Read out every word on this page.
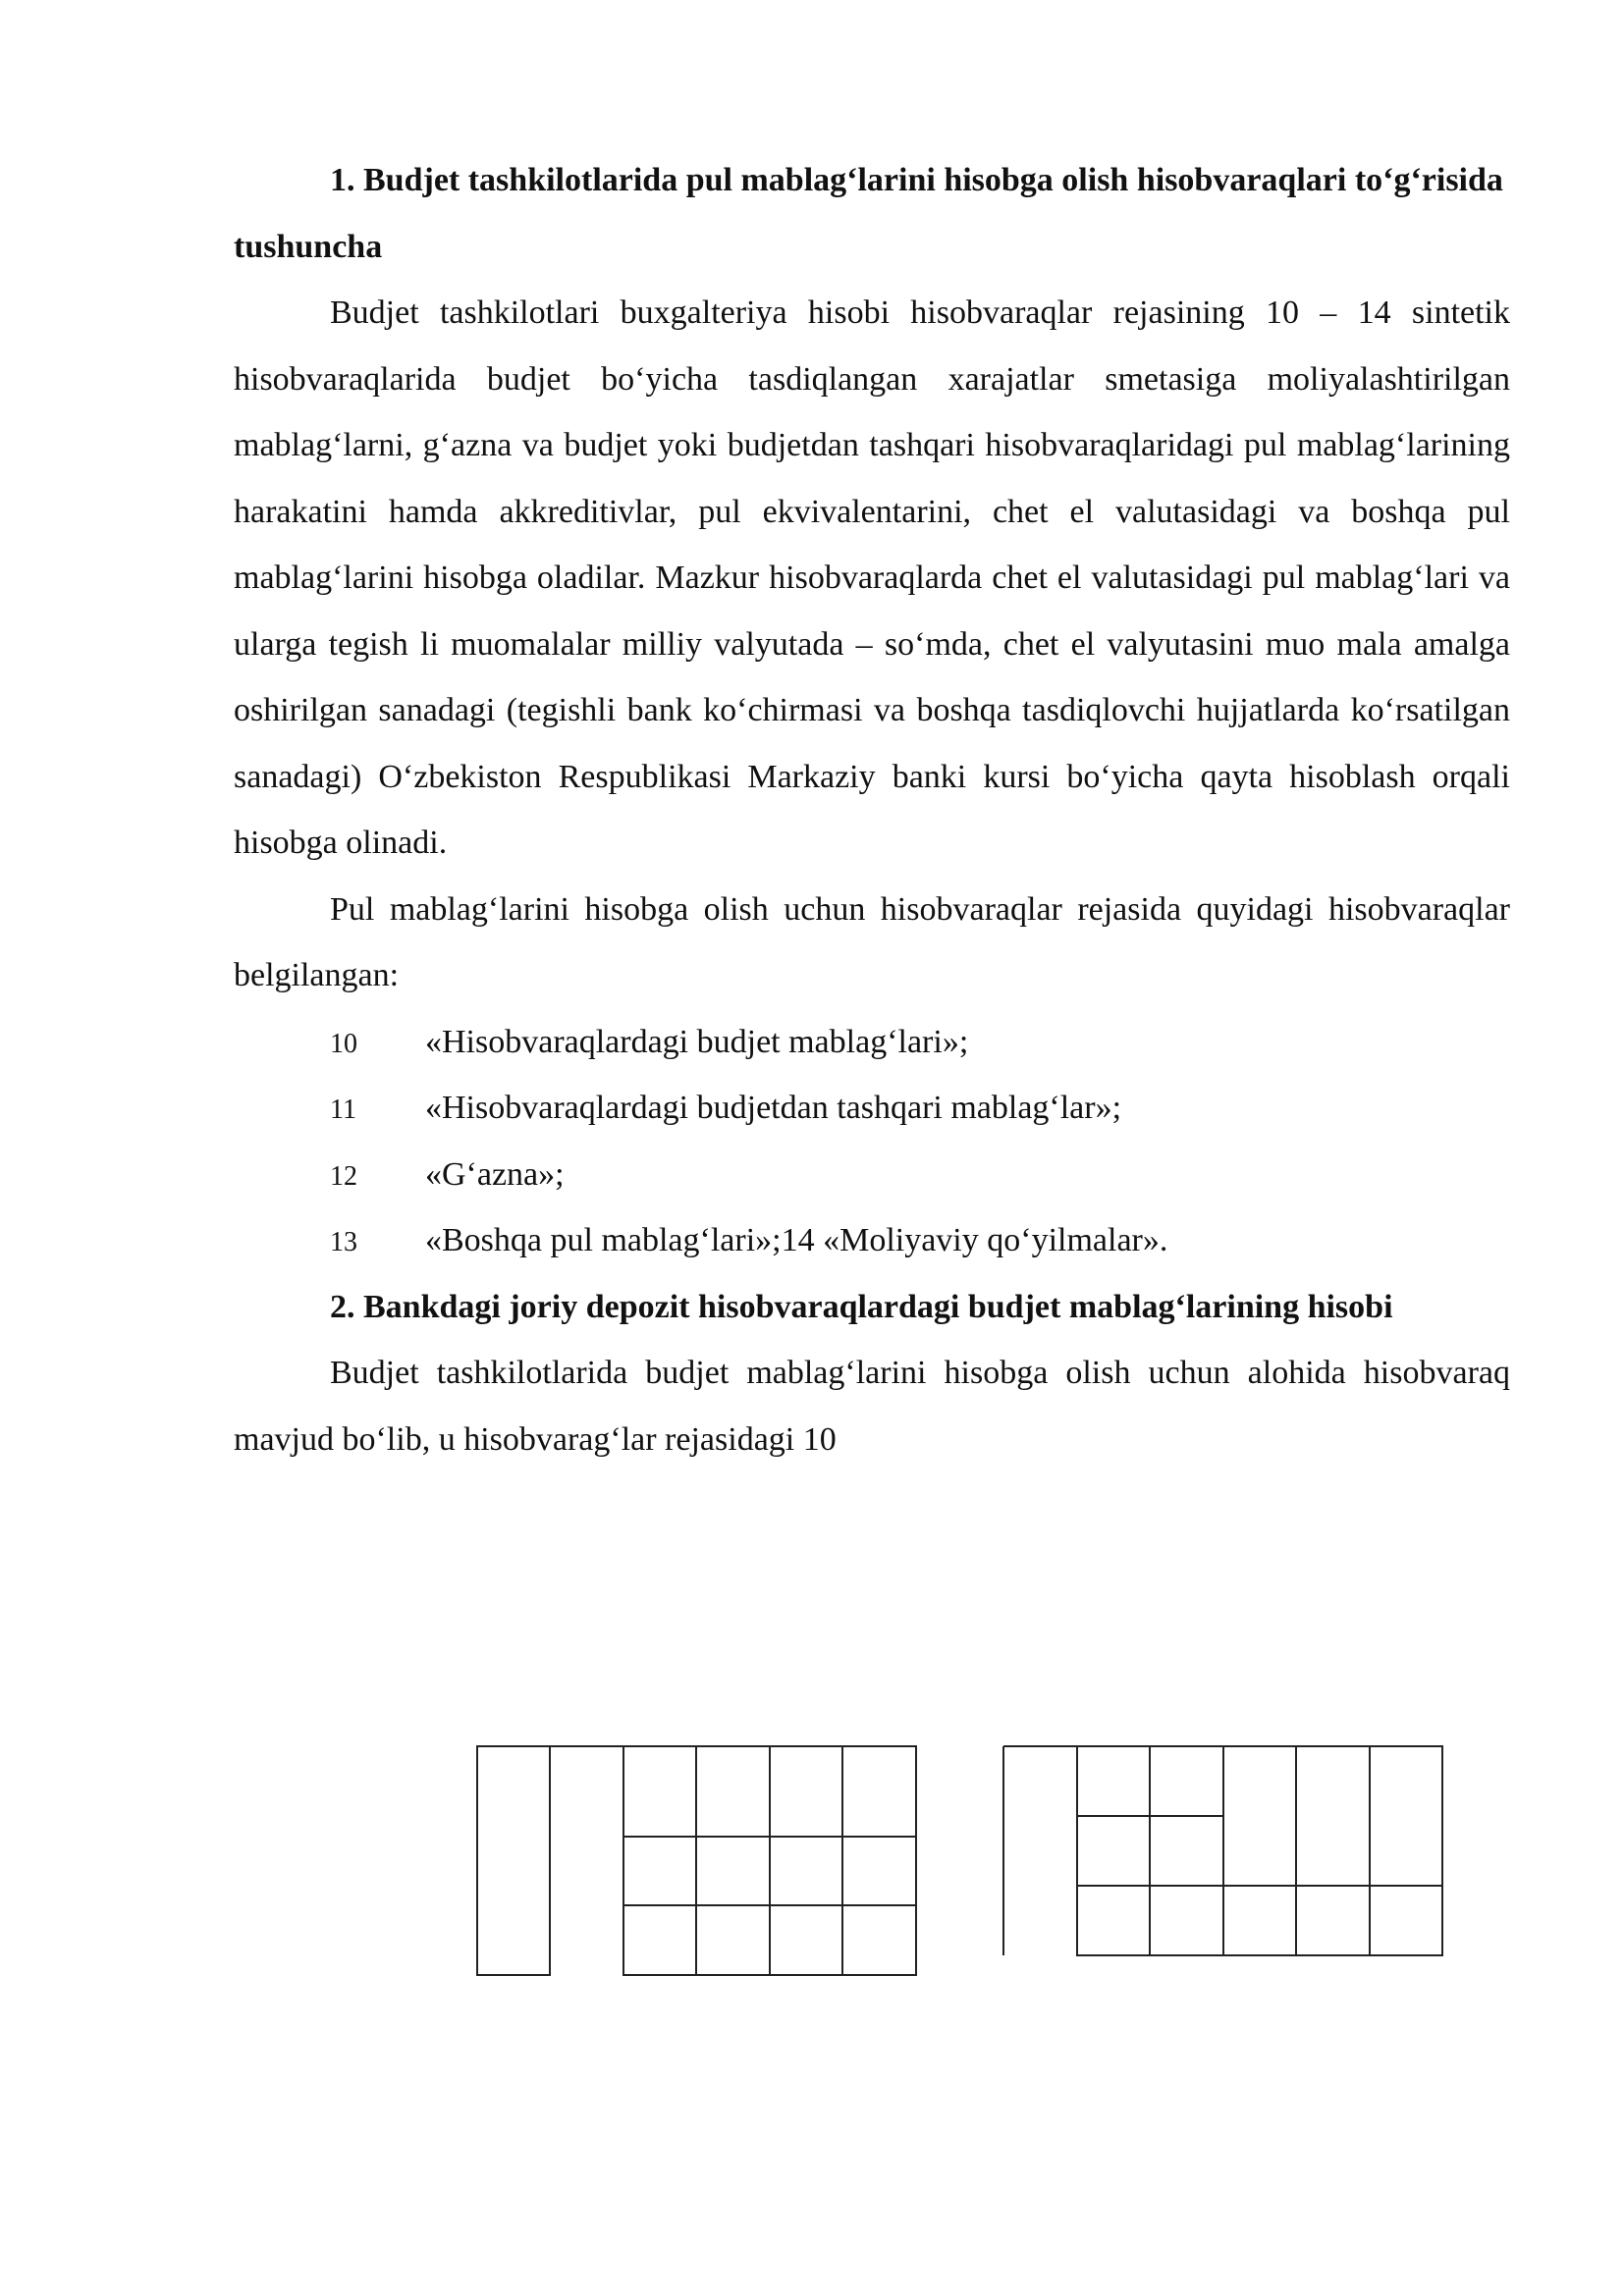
1. Budjet tashkilotlarida pul mablag‘larini hisobga olish hisobvaraqlari to‘g‘risida tushuncha

Budjet tashkilotlari buxgalteriya hisobi hisobvaraqlar rejasining 10 – 14 sintetik hisobvaraqlarida budjet bo‘yicha tasdiqlangan xarajatlar smetasiga moliyalashtirilgan mablag‘larni, g‘azna va budjet yoki budjetdan tashqari hisobvaraqlaridagi pul mablag‘larining harakatini hamda akkreditivlar, pul ekvivalentarini, chet el valutasidagi va boshqa pul mablag‘larini hisobga oladilar. Mazkur hisobvaraqlarda chet el valutasidagi pul mablag‘lari va ularga tegish li muomalalar milliy valyutada – so‘mda, chet el valyutasini muo mala amalga oshirilgan sanadagi (tegishli bank ko‘chirmasi va boshqa tasdiqlovchi hujjatlarda ko‘rsatilgan sanadagi) O‘zbekiston Respublikasi Markaziy banki kursi bo‘yicha qayta hisoblash orqali hisobga olinadi.

Pul mablag‘larini hisobga olish uchun hisobvaraqlar rejasida quyidagi hisobvaraqlar belgilangan:

10	«Hisobvaraqlardagi budjet mablag‘lari»;
11	«Hisobvaraqlardagi budjetdan tashqari mablag‘lar»;
12	«G‘azna»;
13	«Boshqa pul mablag‘lari»;14 «Moliyaviy qo‘yilmalar».

2. Bankdagi joriy depozit hisobvaraqlardagi budjet mablag‘larining hisobi

Budjet tashkilotlarida budjet mablag‘larini hisobga olish uchun alohida hisobvaraq mavjud bo‘lib, u hisobvarag‘lar rejasidagi 10
